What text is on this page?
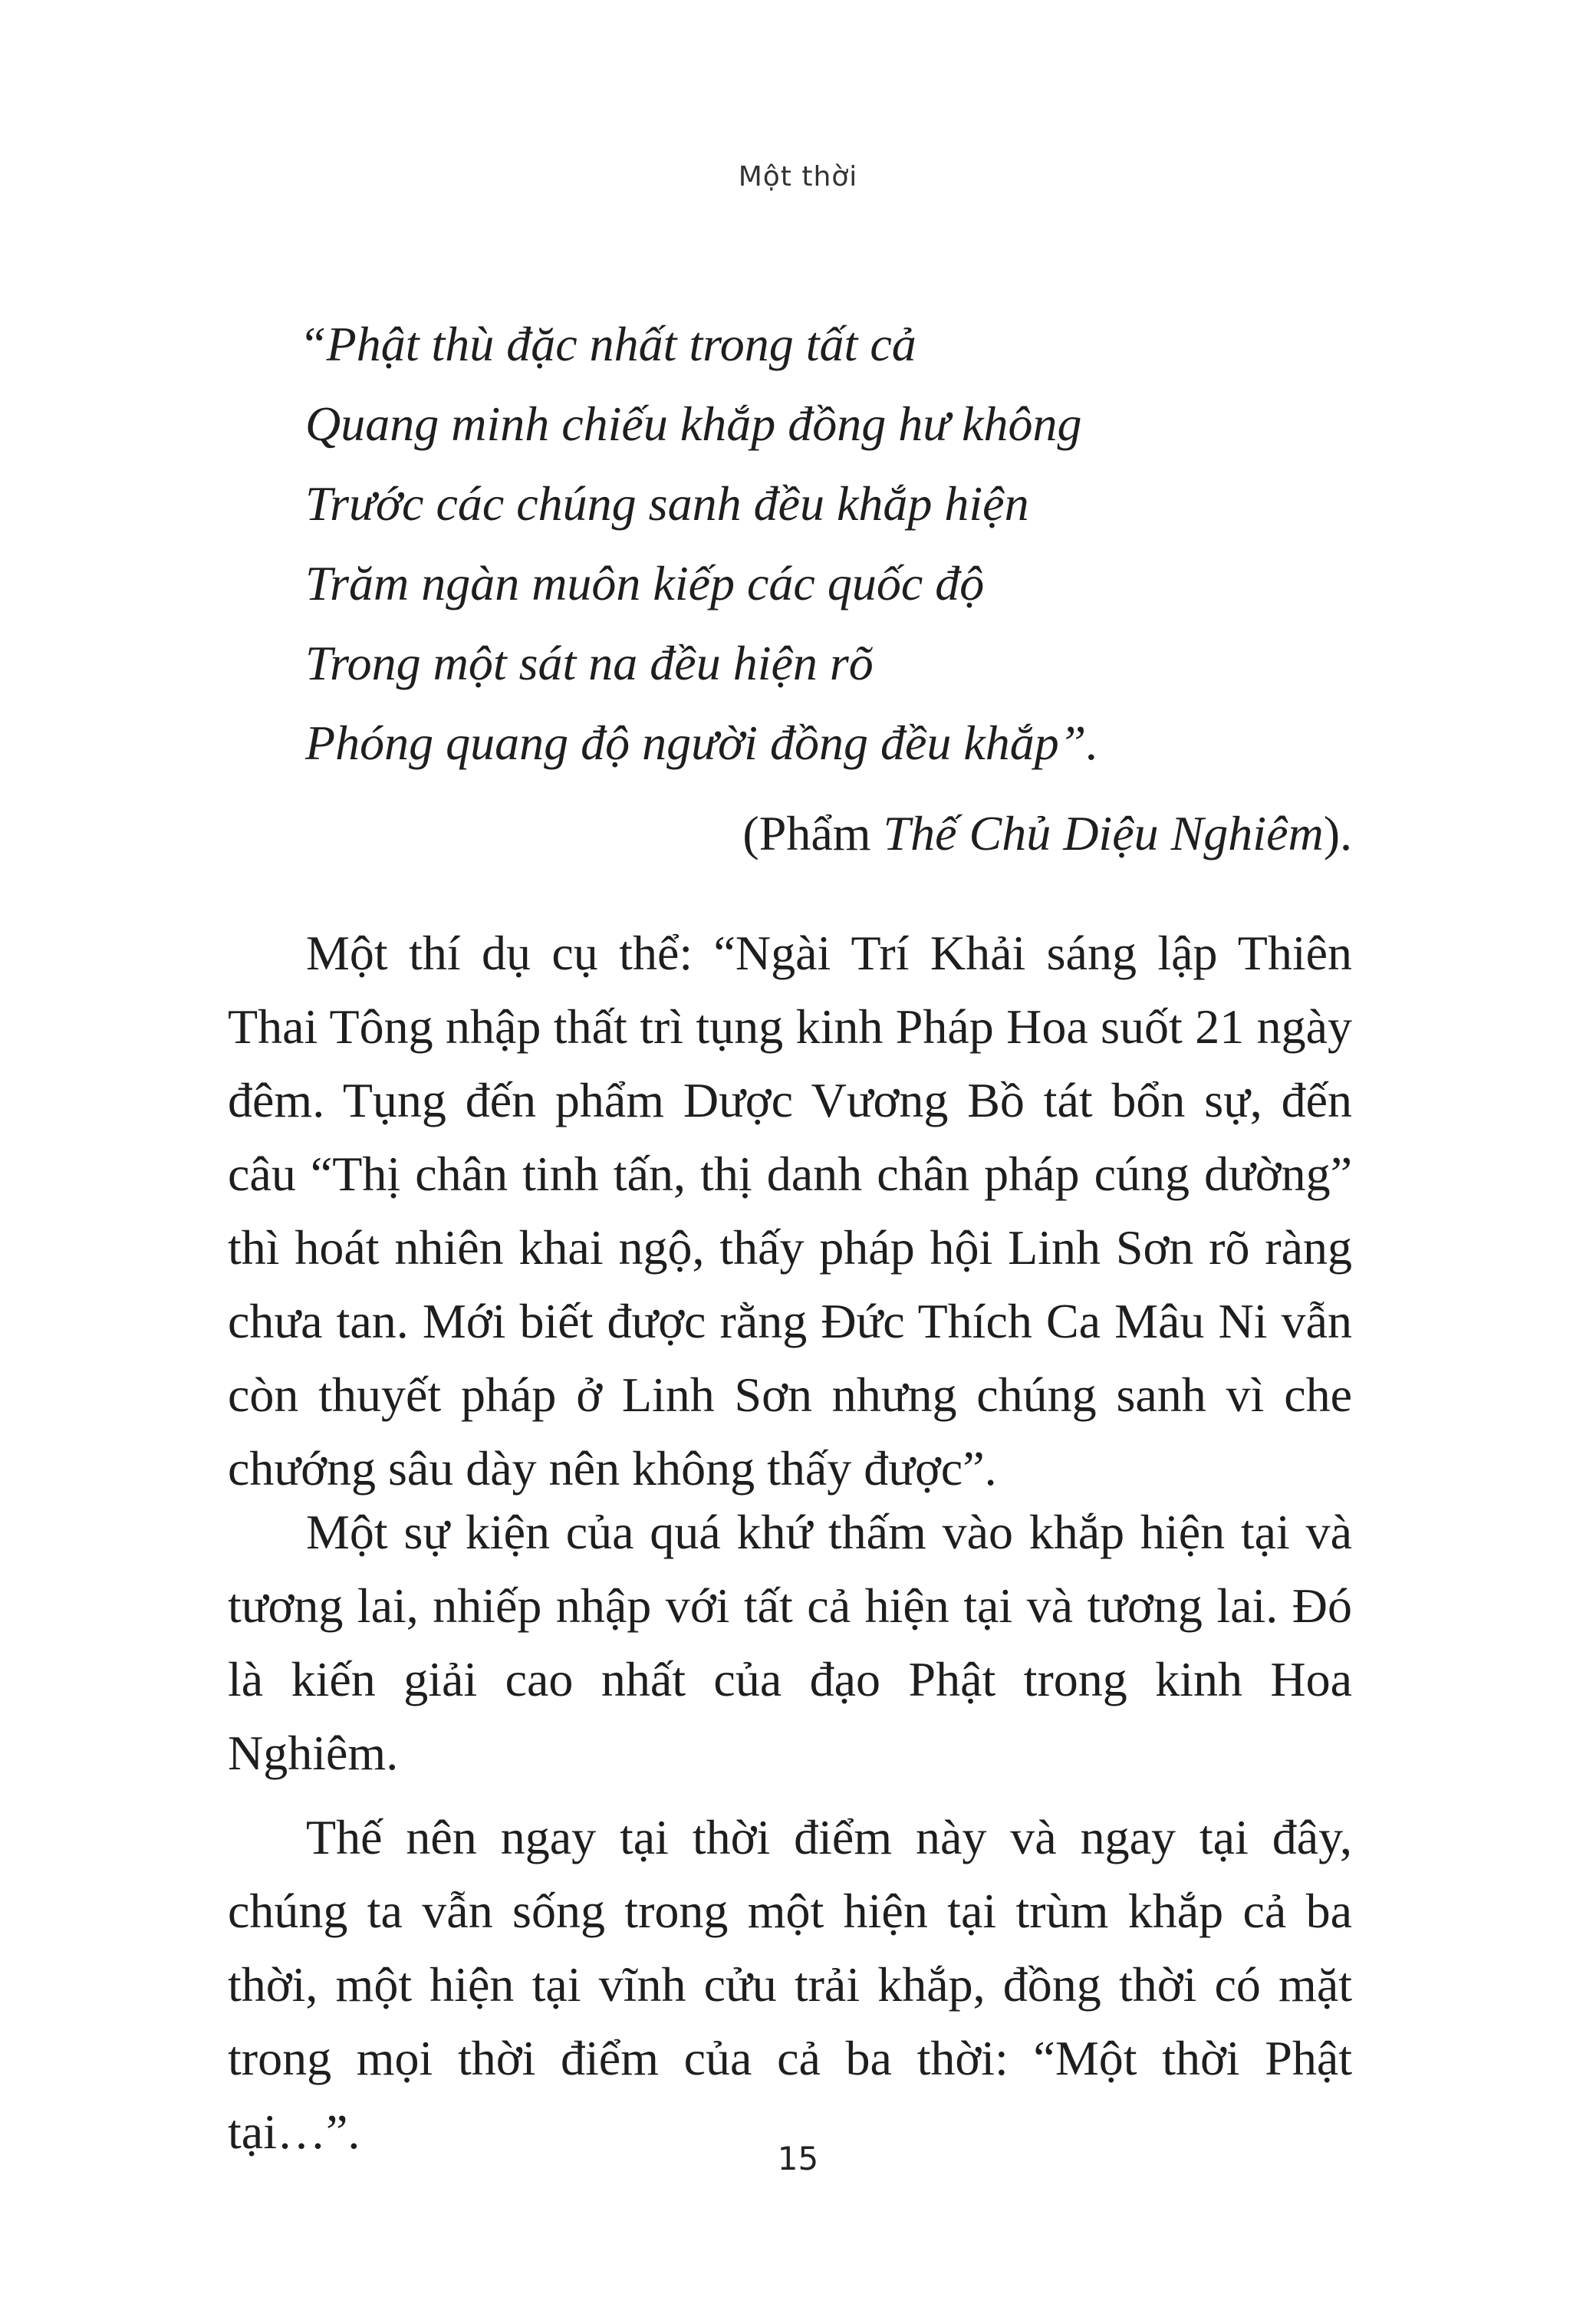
Một thời
“Phật thù đặc nhất trong tất cả
Quang minh chiếu khắp đồng hư không
Trước các chúng sanh đều khắp hiện
Trăm ngàn muôn kiếp các quốc độ
Trong một sát na đều hiện rõ
Phóng quang độ người đồng đều khắp”.
(Phẩm Thế Chủ Diệu Nghiêm).

Một thí dụ cụ thể: “Ngài Trí Khải sáng lập Thiên Thai Tông nhập thất trì tụng kinh Pháp Hoa suốt 21 ngày đêm. Tụng đến phẩm Dược Vương Bồ tát bổn sự, đến câu “Thị chân tinh tấn, thị danh chân pháp cúng dường” thì hoát nhiên khai ngộ, thấy pháp hội Linh Sơn rõ ràng chưa tan. Mới biết được rằng Đức Thích Ca Mâu Ni vẫn còn thuyết pháp ở Linh Sơn nhưng chúng sanh vì che chướng sâu dày nên không thấy được”.

Một sự kiện của quá khứ thấm vào khắp hiện tại và tương lai, nhiếp nhập với tất cả hiện tại và tương lai. Đó là kiến giải cao nhất của đạo Phật trong kinh Hoa Nghiêm.

Thế nên ngay tại thời điểm này và ngay tại đây, chúng ta vẫn sống trong một hiện tại trùm khắp cả ba thời, một hiện tại vĩnh cửu trải khắp, đồng thời có mặt trong mọi thời điểm của cả ba thời: “Một thời Phật tại…”.	15
